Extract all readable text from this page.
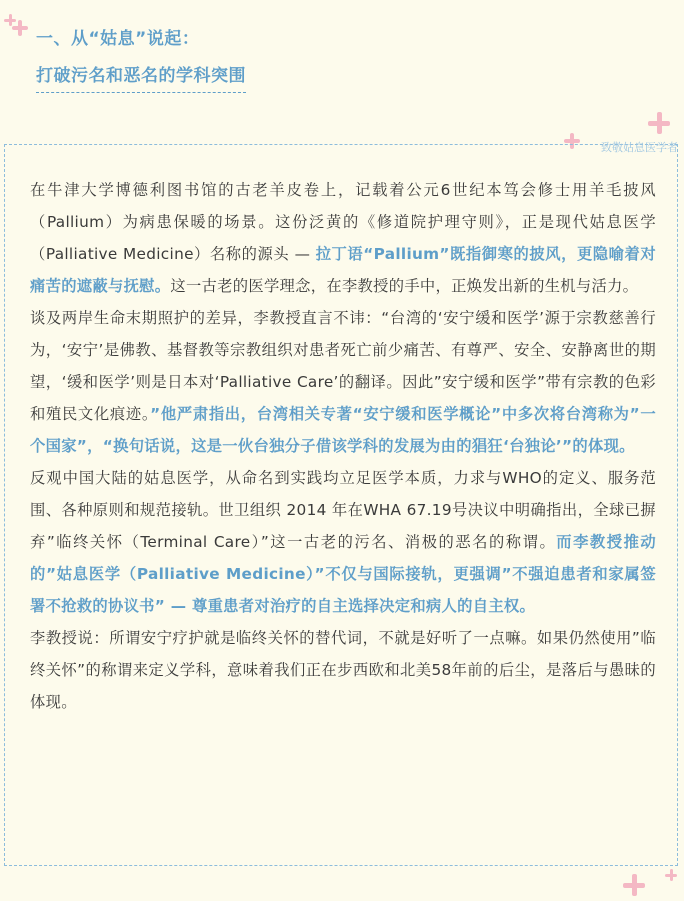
一、从“姑息”说起：
打破污名和恶名的学科突围
致敬姑息医学者

在牛津大学博德利图书馆的古老羊皮卷上，记载着公元6世纪本笃会修士用羊毛披风（Pallium）为病患保暖的场景。这份泛黄的《修道院护理守则》，正是现代姑息医学（Palliative Medicine）名称的源头 — 拉丁语“Pallium”既指御寒的披风，更隐喻着对痛苦的遮蔽与抚慰。这一古老的医学理念，在李教授的手中，正焕发出新的生机与活力。

谈及两岸生命末期照护的差异，李教授直言不讳：“台湾的‘安宁缓和医学’源于宗教慈善行为，‘安宁’是佛教、基督教等宗教组织对患者死亡前少痛苦、有尊严、安全、安静离世的期望，‘缓和医学’则是日本对‘Palliative Care’的翻译。因此”安宁缓和医学”带有宗教的色彩和殖民文化痕迹。”他严肃指出，台湾相关专著“安宁缓和医学概论”中多次将台湾称为”一个国家”，“换句话说，这是一伙台独分子借该学科的发展为由的猖狂‘台独论’”的体现。

反观中国大陆的姑息医学，从命名到实践均立足医学本质，力求与WHO的定义、服务范围、各种原则和规范接轨。世卫组织 2014 年在WHA 67.19号决议中明确指出，全球已摒弃”临终关怀（Terminal Care）”这一古老的污名、消极的恶名的称谓。而李教授推动的”姑息医学（Palliative Medicine）”不仅与国际接轨，更强调”不强迫患者和家属签署不抢救的协议书” — 尊重患者对治疗的自主选择决定和病人的自主权。

李教授说：所谓安宁疗护就是临终关怀的替代词，不就是好听了一点嘛。如果仍然使用”临终关怀”的称谓来定义学科，意味着我们正在步西欧和北美58年前的后尘，是落后与愚昧的体现。
